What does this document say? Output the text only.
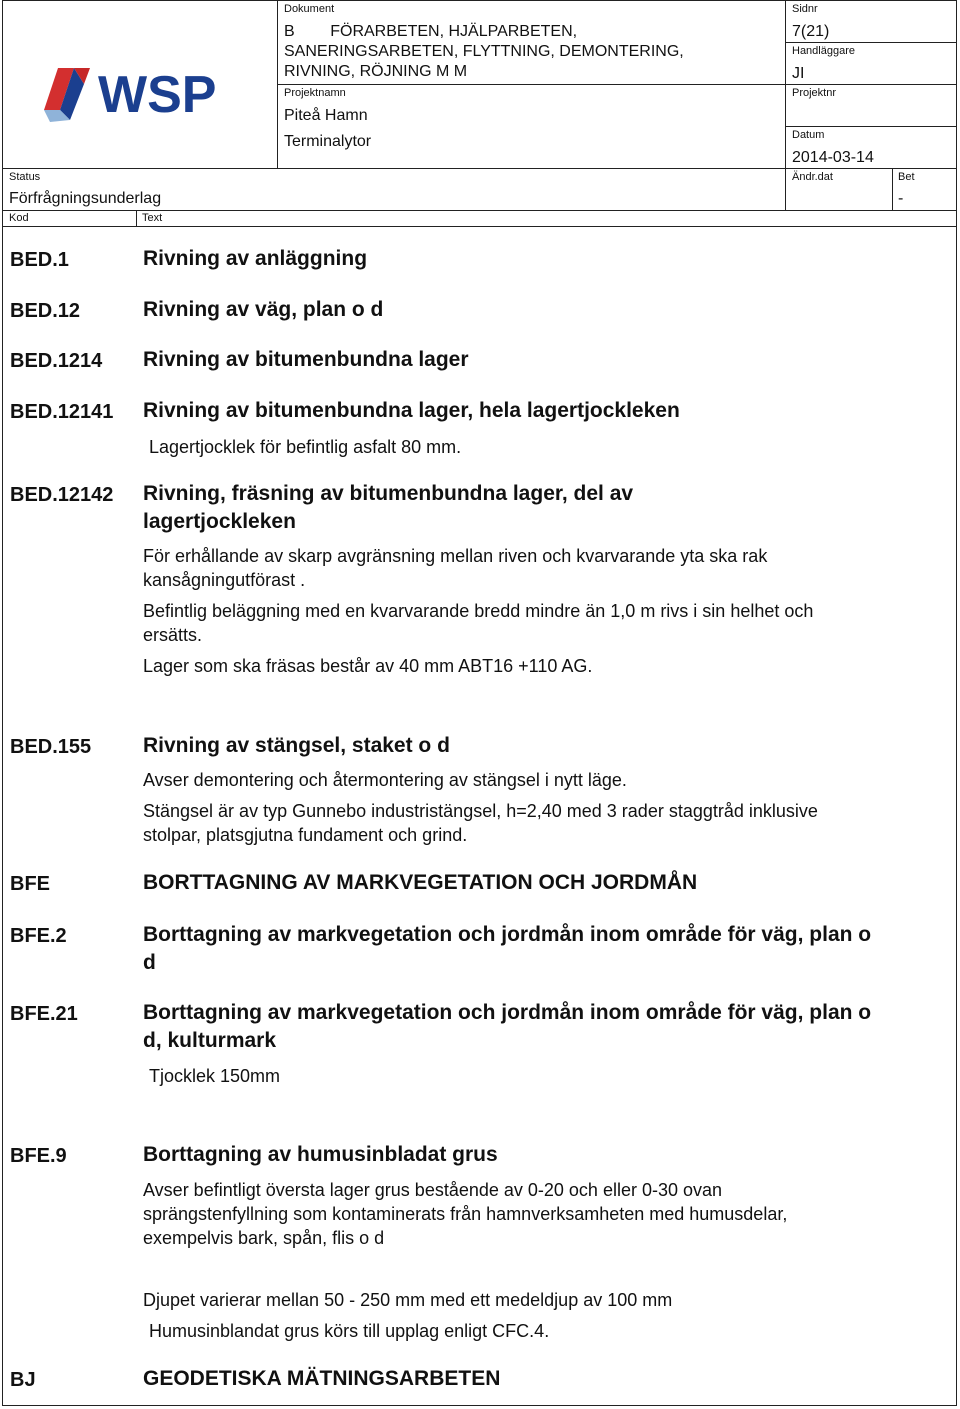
WSP
Dokument
B        FÖRARBETEN, HJÄLPARBETEN,
SANERINGSARBETEN, FLYTTNING, DEMONTERING,
RIVNING, RÖJNING M M
Sidnr
7(21)
Handläggare
JI
Projektnamn
Piteå Hamn
Terminalytor
Projektnr
Datum
2014-03-14
Status
Förfrågningsunderlag
Ändr.dat	Bet
-
Kod	Text
BED.1	Rivning av anläggning
BED.12	Rivning av väg, plan o d
BED.1214 Rivning av bitumenbundna lager
BED.12141 Rivning av bitumenbundna lager, hela lagertjockleken
Lagertjocklek för befintlig asfalt 80 mm.
BED.12142 Rivning, fräsning av bitumenbundna lager, del av lagertjockleken
För erhållande av skarp avgränsning mellan riven och kvarvarande yta ska rak kansågningutförast .
Befintlig beläggning med en kvarvarande bredd mindre än 1,0 m rivs i sin helhet och ersätts.
Lager som ska fräsas består av 40 mm ABT16 +110 AG.
BED.155 Rivning av stängsel, staket o d
Avser demontering och återmontering av stängsel i nytt läge.
Stängsel är av typ Gunnebo industristängsel, h=2,40 med 3 rader staggtråd inklusive stolpar, platsgjutna fundament och grind.
BFE	BORTTAGNING AV MARKVEGETATION OCH JORDMÅN
BFE.2	Borttagning av markvegetation och jordmån inom område för väg, plan o d
BFE.21	Borttagning av markvegetation och jordmån inom område för väg, plan o d, kulturmark
Tjocklek 150mm
BFE.9	Borttagning av humusinbladat grus
Avser befintligt översta lager grus bestående av 0-20 och eller 0-30 ovan sprängstenfyllning som kontaminerats från hamnverksamheten med humusdelar, exempelvis bark, spån, flis o d
Djupet varierar mellan 50 - 250 mm med ett medeldjup av 100 mm
Humusinblandat grus körs till upplag enligt CFC.4.
BJ	GEODETISKA MÄTNINGSARBETEN
